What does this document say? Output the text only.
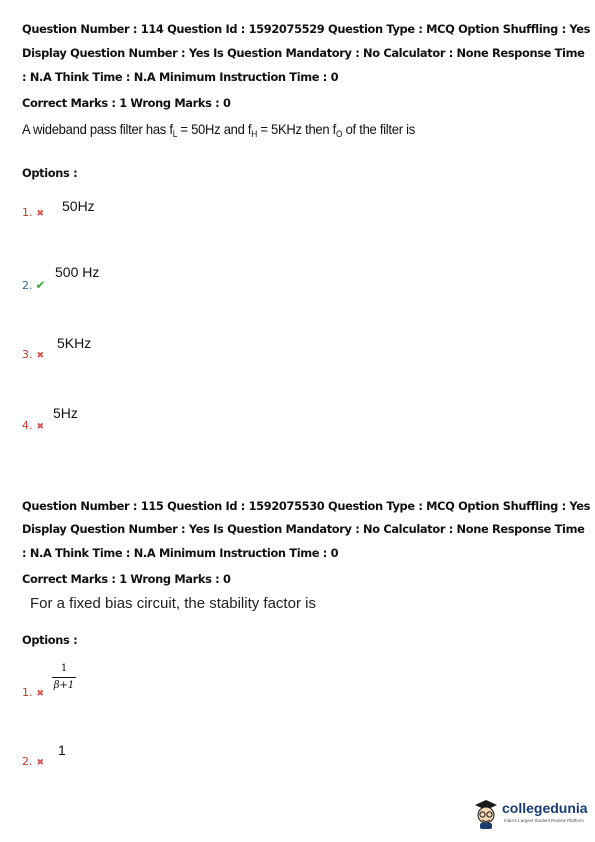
Question Number : 114 Question Id : 1592075529 Question Type : MCQ Option Shuffling : Yes
Display Question Number : Yes Is Question Mandatory : No Calculator : None Response Time
: N.A Think Time : N.A Minimum Instruction Time : 0
Correct Marks : 1 Wrong Marks : 0
A wideband pass filter has $f_L = 50Hz$ and $f_H = 5KHz$ then $f_O$ of the filter is
Options :
1. ✖ 50Hz
2. ✔
500 Hz
3. ✖
5KHz
4. ✖
5Hz
Question Number : 115 Question Id : 1592075530 Question Type : MCQ Option Shuffling : Yes
Display Question Number : Yes Is Question Mandatory : No Calculator : None Response Time
: N.A Think Time : N.A Minimum Instruction Time : 0
Correct Marks : 1 Wrong Marks : 0
For a fixed bias circuit, the stability factor is
Options :
1. ✖
1
β+1
2. ✖
1
collegedunia
India's Largest Student Review Platform
